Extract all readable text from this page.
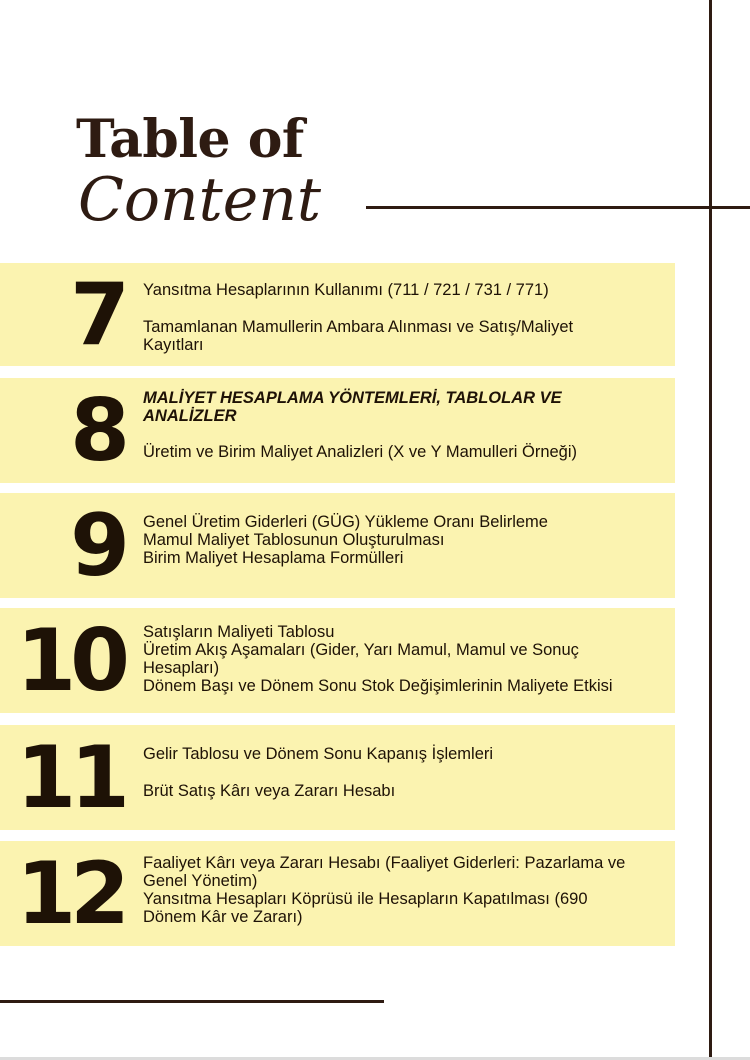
Table of
Content
7 Yansıtma Hesaplarının Kullanımı (711 / 721 / 731 / 771)

Tamamlanan Mamullerin Ambara Alınması ve Satış/Maliyet Kayıtları

8 MALİYET HESAPLAMA YÖNTEMLERİ, TABLOLAR VE ANALİZLER

Üretim ve Birim Maliyet Analizleri (X ve Y Mamulleri Örneği)

9 Genel Üretim Giderleri (GÜG) Yükleme Oranı Belirleme

Mamul Maliyet Tablosunun Oluşturulması

Birim Maliyet Hesaplama Formülleri

10 Satışların Maliyeti Tablosu

Üretim Akış Aşamaları (Gider, Yarı Mamul, Mamul ve Sonuç Hesapları)

Dönem Başı ve Dönem Sonu Stok Değişimlerinin Maliyete Etkisi

11 Gelir Tablosu ve Dönem Sonu Kapanış İşlemleri

Brüt Satış Kârı veya Zararı Hesabı

12 Faaliyet Kârı veya Zararı Hesabı (Faaliyet Giderleri: Pazarlama ve Genel Yönetim)

Yansıtma Hesapları Köprüsü ile Hesapların Kapatılması (690 Dönem Kâr ve Zararı)
